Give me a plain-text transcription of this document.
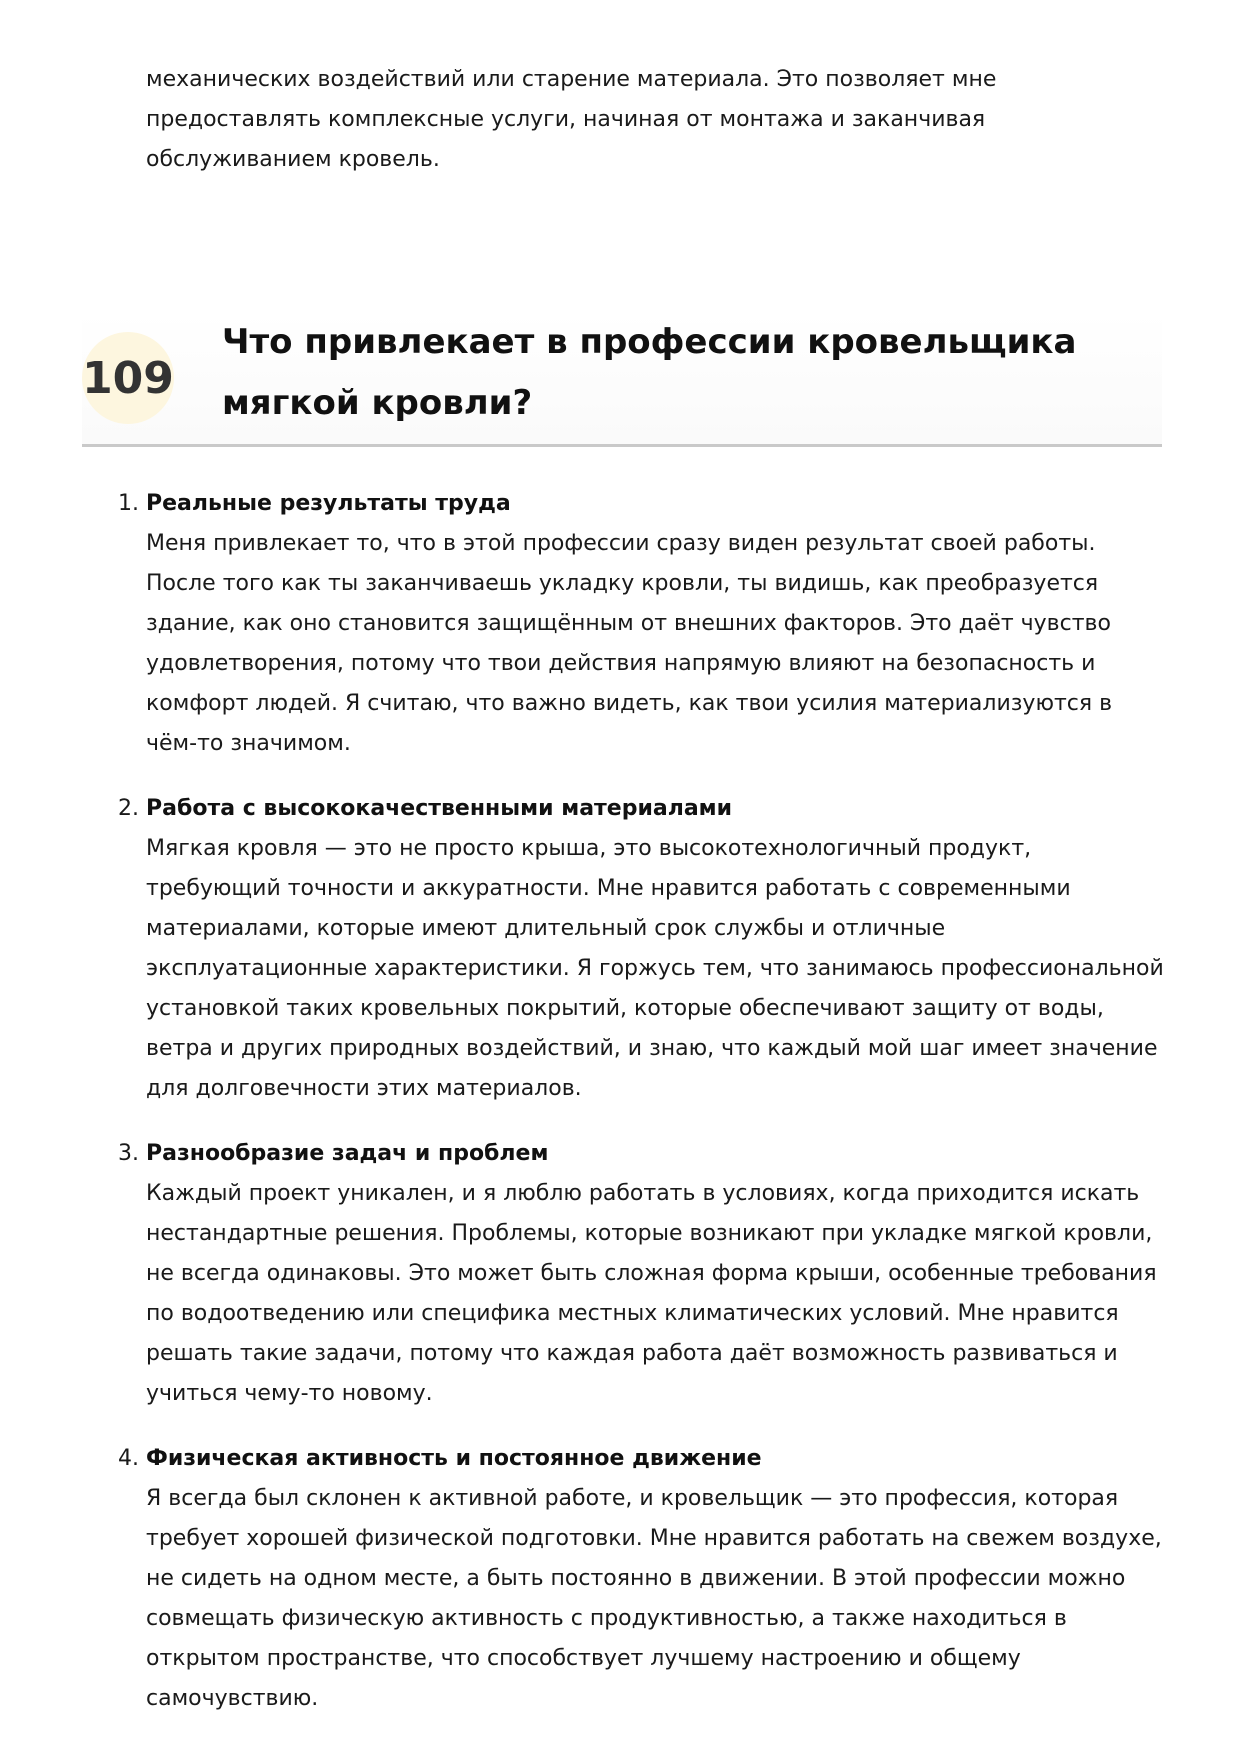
механических воздействий или старение материала. Это позволяет мне предоставлять комплексные услуги, начиная от монтажа и заканчивая обслуживанием кровель.

109
Что привлекает в профессии кровельщика мягкой кровли?
1. Реальные результаты труда

Меня привлекает то, что в этой профессии сразу виден результат своей работы. После того как ты заканчиваешь укладку кровли, ты видишь, как преобразуется здание, как оно становится защищённым от внешних факторов. Это даёт чувство удовлетворения, потому что твои действия напрямую влияют на безопасность и комфорт людей. Я считаю, что важно видеть, как твои усилия материализуются в чём-то значимом.

2. Работа с высококачественными материалами

Мягкая кровля — это не просто крыша, это высокотехнологичный продукт, требующий точности и аккуратности. Мне нравится работать с современными материалами, которые имеют длительный срок службы и отличные эксплуатационные характеристики. Я горжусь тем, что занимаюсь профессиональной установкой таких кровельных покрытий, которые обеспечивают защиту от воды, ветра и других природных воздействий, и знаю, что каждый мой шаг имеет значение для долговечности этих материалов.

3. Разнообразие задач и проблем

Каждый проект уникален, и я люблю работать в условиях, когда приходится искать нестандартные решения. Проблемы, которые возникают при укладке мягкой кровли, не всегда одинаковы. Это может быть сложная форма крыши, особенные требования по водоотведению или специфика местных климатических условий. Мне нравится решать такие задачи, потому что каждая работа даёт возможность развиваться и учиться чему-то новому.

4. Физическая активность и постоянное движение

Я всегда был склонен к активной работе, и кровельщик — это профессия, которая требует хорошей физической подготовки. Мне нравится работать на свежем воздухе, не сидеть на одном месте, а быть постоянно в движении. В этой профессии можно совмещать физическую активность с продуктивностью, а также находиться в открытом пространстве, что способствует лучшему настроению и общему самочувствию.
